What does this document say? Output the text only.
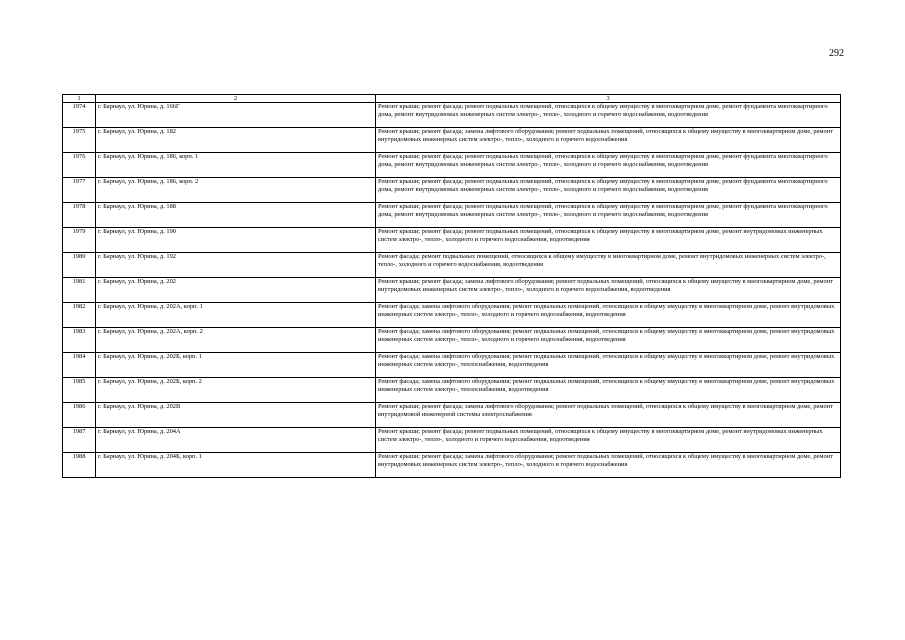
292
1	2	3
1974	г. Барнаул, ул. Юрина, д. 166Г	Ремонт крыши; ремонт фасада; ремонт подвальных помещений, относящихся к общему имуществу в многоквартирном доме, ремонт фундамента многоквартирного дома, ремонт внутридомовых инженерных систем электро-, тепло-, холодного и горячего водоснабжения, водоотведения
1975	г. Барнаул, ул. Юрина, д. 182	Ремонт крыши; ремонт фасада; замена лифтового оборудования; ремонт подвальных помещений, относящихся к общему имуществу в многоквартирном доме, ремонт внутридомовых инженерных систем электро-, тепло-, холодного и горячего водоснабжения
1976	г. Барнаул, ул. Юрина, д. 186, корп. 1	Ремонт крыши; ремонт фасада; ремонт подвальных помещений, относящихся к общему имуществу в многоквартирном доме, ремонт фундамента многоквартирного дома, ремонт внутридомовых инженерных систем электро-, тепло-, холодного и горячего водоснабжения, водоотведения
1977	г. Барнаул, ул. Юрина, д. 186, корп. 2	Ремонт крыши; ремонт фасада; ремонт подвальных помещений, относящихся к общему имуществу в многоквартирном доме, ремонт фундамента многоквартирного дома, ремонт внутридомовых инженерных систем электро-, тепло-, холодного и горячего водоснабжения, водоотведения
1978	г. Барнаул, ул. Юрина, д. 188	Ремонт крыши; ремонт фасада; ремонт подвальных помещений, относящихся к общему имуществу в многоквартирном доме, ремонт фундамента многоквартирного дома, ремонт внутридомовых инженерных систем электро-, тепло-, холодного и горячего водоснабжения, водоотведения
1979	г. Барнаул, ул. Юрина, д. 190	Ремонт крыши; ремонт фасада; ремонт подвальных помещений, относящихся к общему имуществу в многоквартирном доме, ремонт внутридомовых инженерных систем электро-, тепло-, холодного и горячего водоснабжения, водоотведения
1980	г. Барнаул, ул. Юрина, д. 192	Ремонт фасада; ремонт подвальных помещений, относящихся к общему имуществу в многоквартирном доме, ремонт внутридомовых инженерных систем электро-, тепло-, холодного и горячего водоснабжения, водоотведения
1981	г. Барнаул, ул. Юрина, д. 202	Ремонт крыши; ремонт фасада; замена лифтового оборудования; ремонт подвальных помещений, относящихся к общему имуществу в многоквартирном доме, ремонт внутридомовых инженерных систем электро-, тепло-, холодного и горячего водоснабжения, водоотведения
1982	г. Барнаул, ул. Юрина, д. 202А, корп. 1	Ремонт фасада; замена лифтового оборудования; ремонт подвальных помещений, относящихся к общему имуществу в многоквартирном доме, ремонт внутридомовых инженерных систем электро-, тепло-, холодного и горячего водоснабжения, водоотведения
1983	г. Барнаул, ул. Юрина, д. 202А, корп. 2	Ремонт фасада; замена лифтового оборудования; ремонт подвальных помещений, относящихся к общему имуществу в многоквартирном доме, ремонт внутридомовых инженерных систем электро-, тепло-, холодного и горячего водоснабжения, водоотведения
1984	г. Барнаул, ул. Юрина, д. 202Б, корп. 1	Ремонт фасада; замена лифтового оборудования; ремонт подвальных помещений, относящихся к общему имуществу в многоквартирном доме, ремонт внутридомовых инженерных систем электро-, теплоснабжения, водоотведения
1985	г. Барнаул, ул. Юрина, д. 202Б, корп. 2	Ремонт фасада; замена лифтового оборудования; ремонт подвальных помещений, относящихся к общему имуществу в многоквартирном доме, ремонт внутридомовых инженерных систем электро-, теплоснабжения, водоотведения
1986	г. Барнаул, ул. Юрина, д. 202В	Ремонт крыши; ремонт фасада; замена лифтового оборудования; ремонт подвальных помещений, относящихся к общему имуществу в многоквартирном доме, ремонт внутридомовой инженерной системы электроснабжения
1987	г. Барнаул, ул. Юрина, д. 204А	Ремонт крыши; ремонт фасада; ремонт подвальных помещений, относящихся к общему имуществу в многоквартирном доме, ремонт внутридомовых инженерных систем электро-, тепло-, холодного и горячего водоснабжения, водоотведения
1988	г. Барнаул, ул. Юрина, д. 204Б, корп. 1	Ремонт крыши; ремонт фасада; замена лифтового оборудования; ремонт подвальных помещений, относящихся к общему имуществу в многоквартирном доме, ремонт внутридомовых инженерных систем электро-, тепло-, холодного и горячего водоснабжения
